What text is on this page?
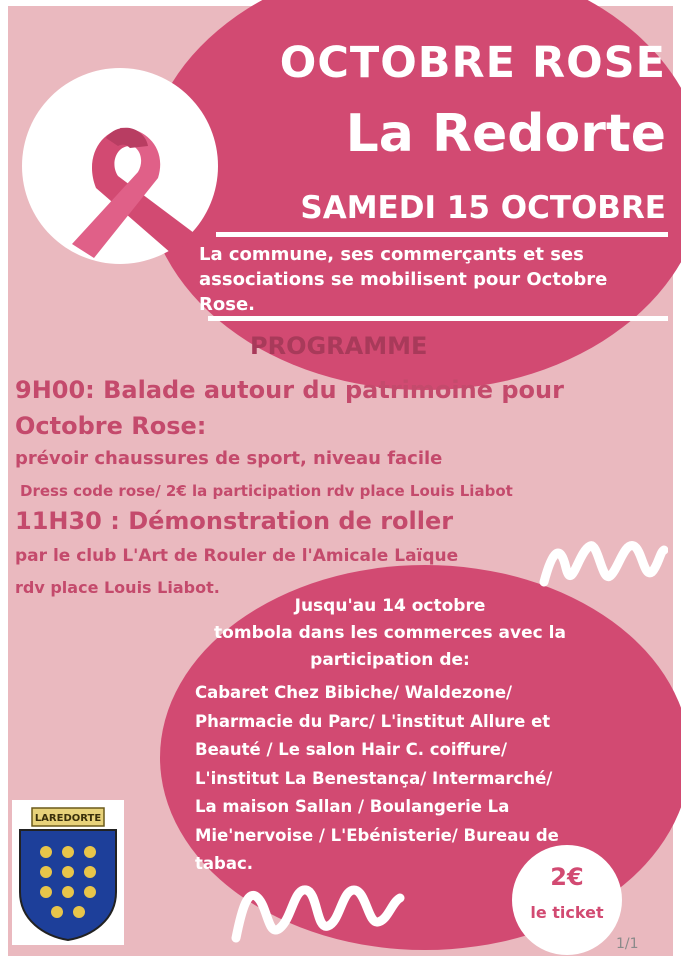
OCTOBRE ROSE
La Redorte
SAMEDI 15 OCTOBRE
La commune, ses commerçants et ses
associations se mobilisent pour Octobre
Rose.
PROGRAMME
9H00: Balade autour du patrimoine pour
Octobre Rose:
prévoir chaussures de sport, niveau facile
Dress code rose/ 2€ la participation rdv place Louis Liabot
11H30 : Démonstration de roller
par le club L'Art de Rouler de l'Amicale Laïque
rdv place Louis Liabot.
Jusqu'au 14 octobre
tombola dans les commerces avec la
participation de:
Cabaret Chez Bibiche/ Waldezone/
Pharmacie du Parc/ L'institut Allure et
Beauté / Le salon Hair C. coiffure/
L'institut La Benestança/ Intermarché/
La maison Sallan / Boulangerie La
Mie'nervoise / L'Ebénisterie/ Bureau de
tabac.
LAREDORTE
2€
le ticket
1/1
